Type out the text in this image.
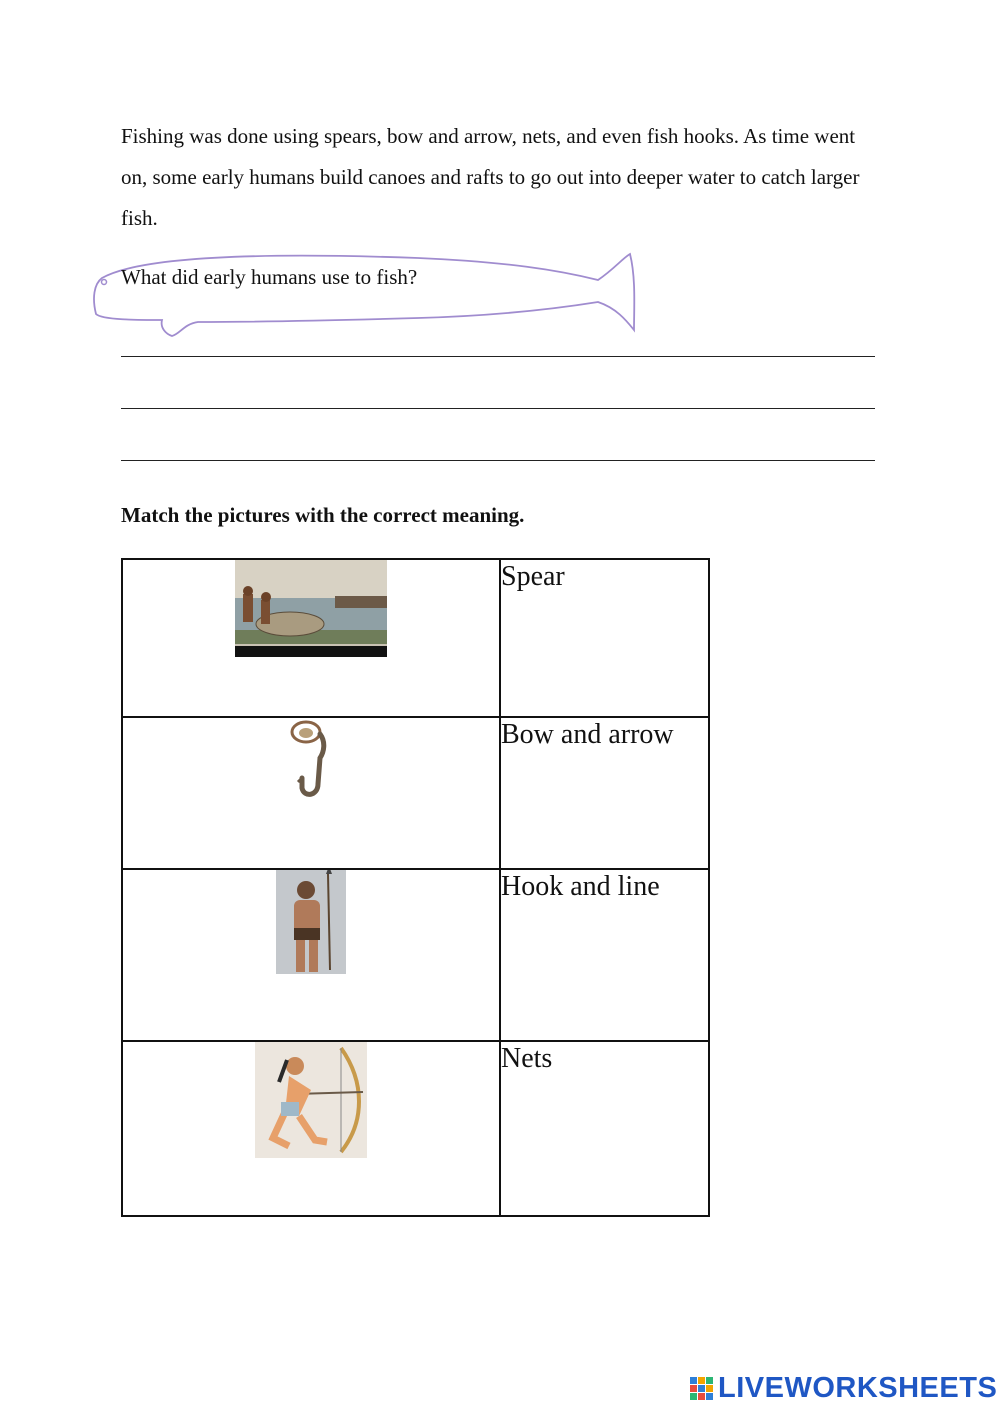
Fishing was done using spears, bow and arrow, nets, and even fish hooks. As time went on, some early humans build canoes and rafts to go out into deeper water to catch larger fish.

What did early humans use to fish?
Match the pictures with the correct meaning.
	Spear
	Bow and arrow
	Hook and line
	Nets
LIVEWORKSHEETS
